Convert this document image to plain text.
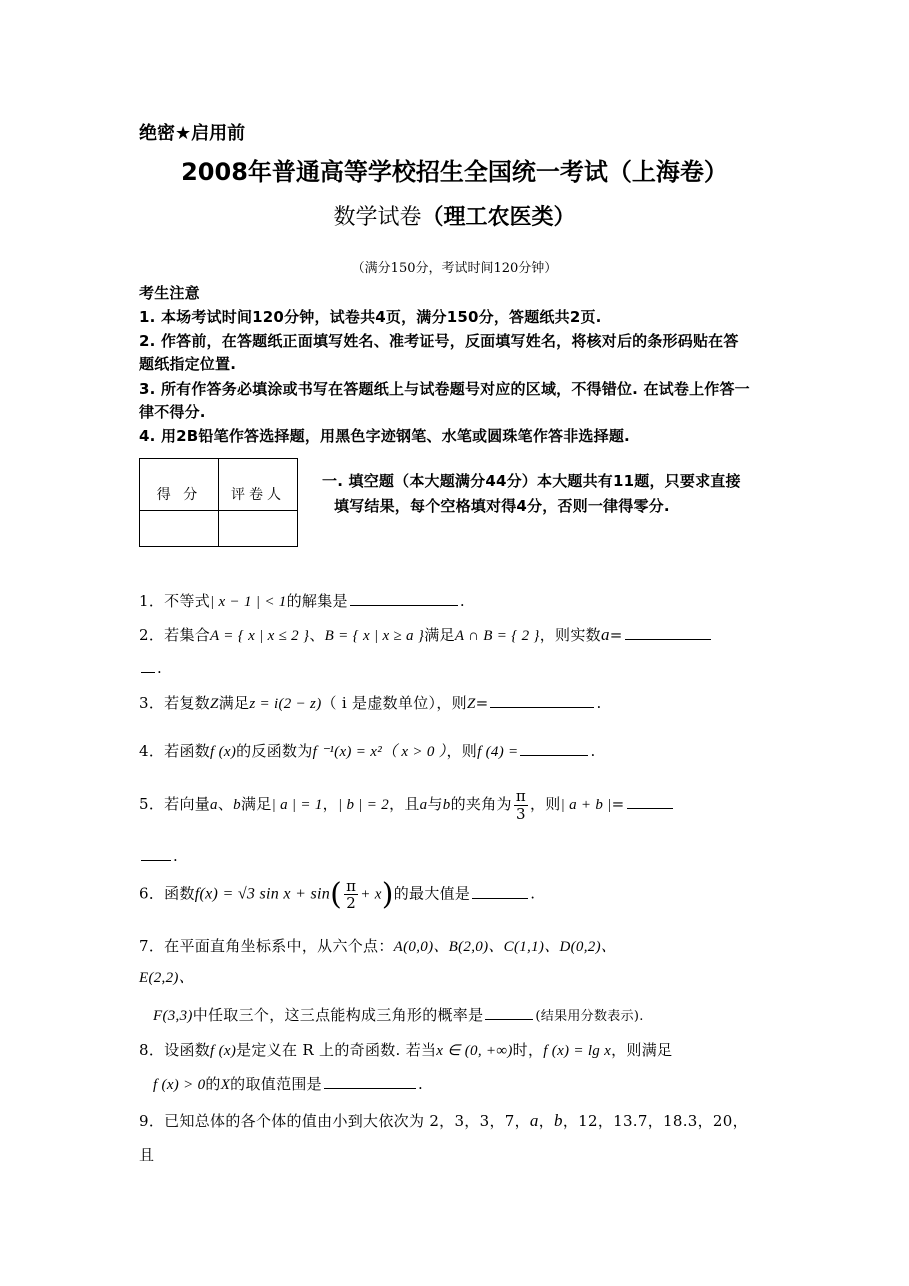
绝密★启用前
2008年普通高等学校招生全国统一考试（上海卷）
数学试卷（理工农医类）
（满分150分，考试时间120分钟）
考生注意
1. 本场考试时间120分钟，试卷共4页，满分150分，答题纸共2页.
2. 作答前，在答题纸正面填写姓名、准考证号，反面填写姓名，将核对后的条形码贴在答
题纸指定位置.
3. 所有作答务必填涂或书写在答题纸上与试卷题号对应的区域，不得错位. 在试卷上作答一
律不得分.
4. 用2B铅笔作答选择题，用黑色字迹钢笔、水笔或圆珠笔作答非选择题.
得 分	评卷人

一. 填空题（本大题满分44分）本大题共有11题，只要求直接
填写结果，每个空格填对得4分，否则一律得零分.
1．不等式| x − 1 | < 1的解集是	.
2．若集合A = { x | x ≤ 2 }、B = { x | x ≥ a }满足A ∩ B = { 2 }，则实数a=
.
3．若复数Z满足z = i(2 − z)（ i 是虚数单位），则Z=	.
4．若函数f (x)的反函数为f ⁻¹(x) = x²（ x > 0 ），则f (4) =	.
5．若向量a、b满足| a | = 1，| b | = 2，且a与b的夹角为 $\frac{\pi}{3}$ ，则| a + b |=
.
6．函数f(x) = √3 $\sin x + \sin( \frac{\pi}{2} + x)$的最大值是	.
7．在平面直角坐标系中，从六个点：A(0,0)、B(2,0)、C(1,1)、D(0,2)、
E(2,2)、
F(3,3)中任取三个，这三点能构成三角形的概率是	(结果用分数表示).
8．设函数f (x)是定义在 R 上的奇函数. 若当x ∈ (0, +∞)时，f (x) = lg x，则满足
f (x) > 0的X的取值范围是	.
9．已知总体的各个体的值由小到大依次为 2，3，3，7，a，b，12，13.7，18.3，20，
且
